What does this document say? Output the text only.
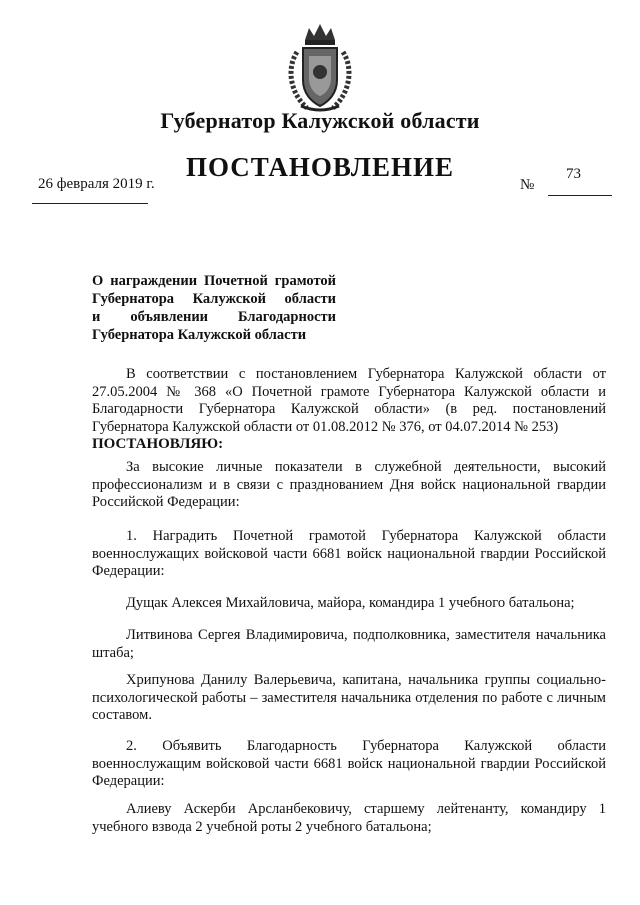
Губернатор Калужской области
ПОСТАНОВЛЕНИЕ
26 февраля 2019 г.	№
73
О награждении Почетной грамотой
Губернатора Калужской области
и объявлении Благодарности
Губернатора Калужской области
В соответствии с постановлением Губернатора Калужской области от 27.05.2004 № 368 «О Почетной грамоте Губернатора Калужской области и Благодарности Губернатора Калужской области» (в ред. постановлений Губернатора Калужской области от 01.08.2012 № 376, от 04.07.2014 № 253)
ПОСТАНОВЛЯЮ:
За высокие личные показатели в служебной деятельности, высокий профессионализм и в связи с празднованием Дня войск национальной гвардии Российской Федерации:
1. Наградить Почетной грамотой Губернатора Калужской области военнослужащих войсковой части 6681 войск национальной гвардии Российской Федерации:
Дущак Алексея Михайловича, майора, командира 1 учебного батальона;
Литвинова Сергея Владимировича, подполковника, заместителя начальника штаба;
Хрипунова Данилу Валерьевича, капитана, начальника группы социально-психологической работы – заместителя начальника отделения по работе с личным составом.
2. Объявить Благодарность Губернатора Калужской области военнослужащим войсковой части 6681 войск национальной гвардии Российской Федерации:
Алиеву Аскерби Арсланбековичу, старшему лейтенанту, командиру 1 учебного взвода 2 учебной роты 2 учебного батальона;
